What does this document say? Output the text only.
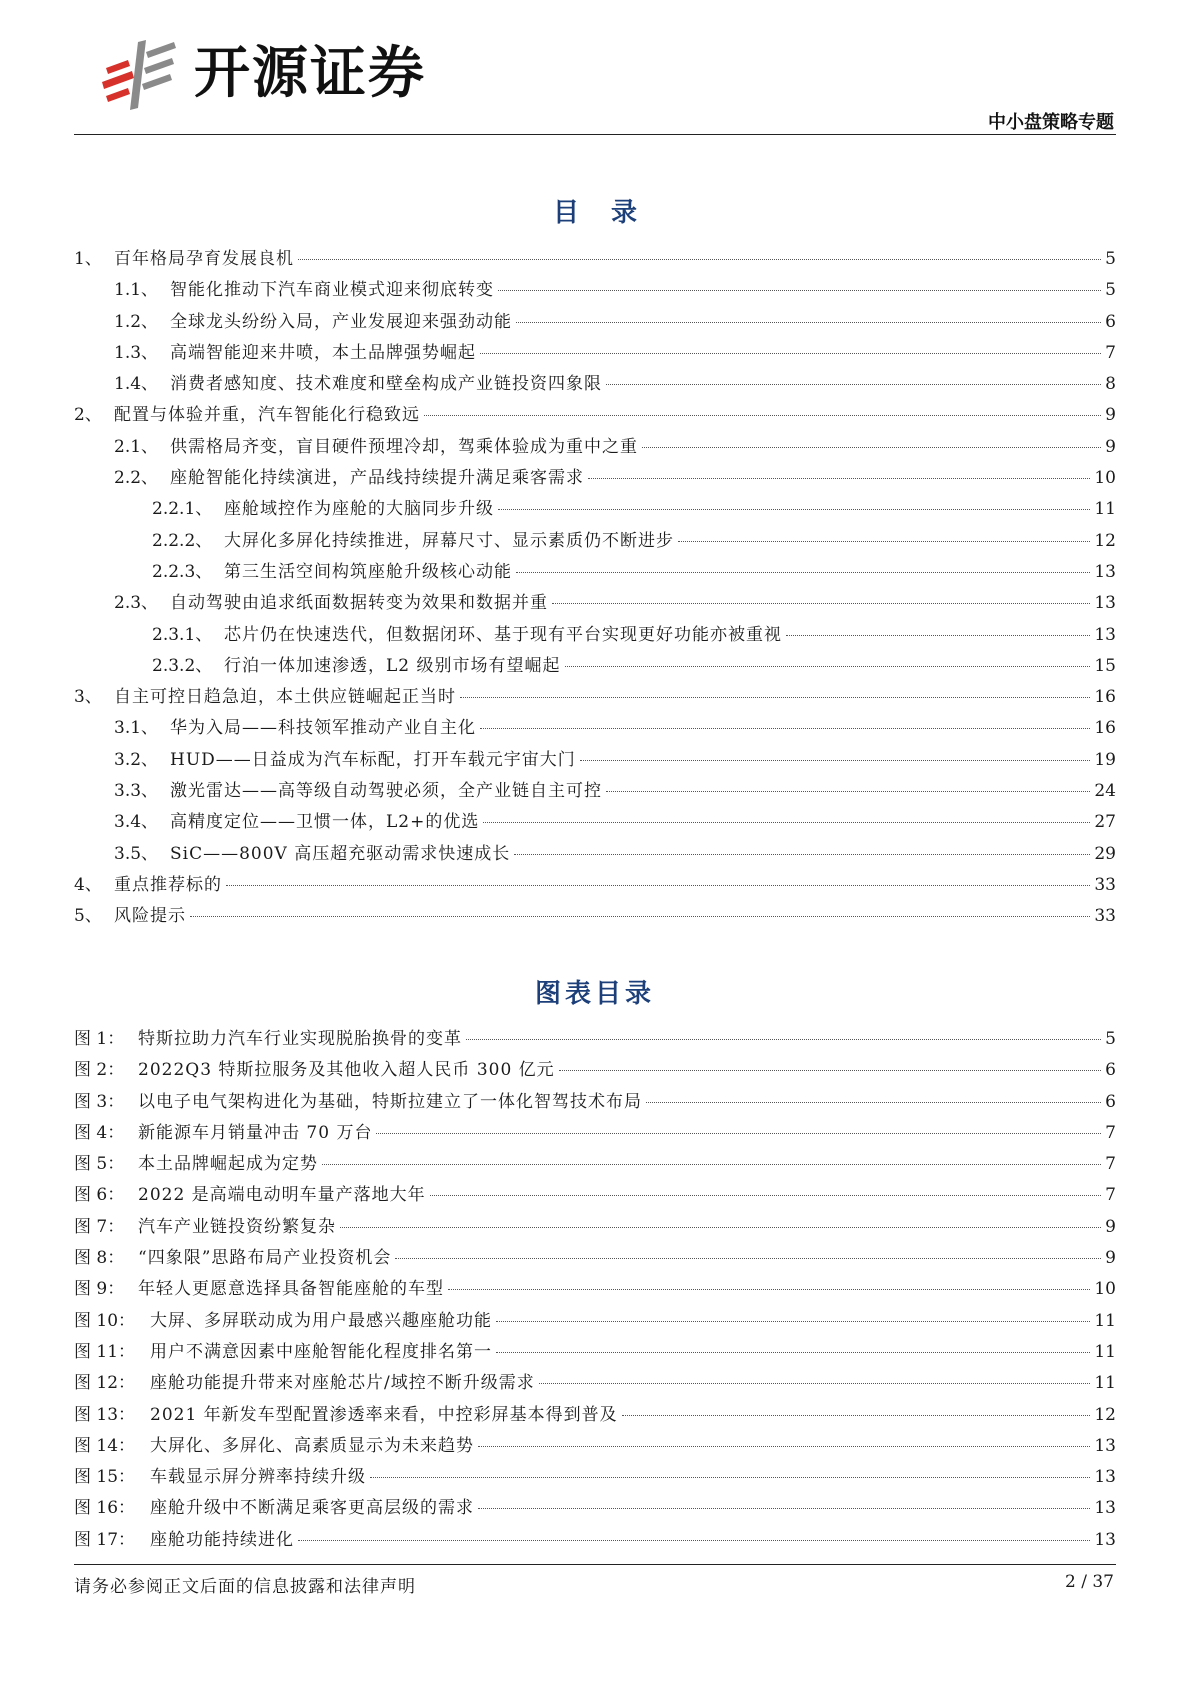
开源证券
中小盘策略专题
目录
1、 百年格局孕育发展良机	5
1.1、 智能化推动下汽车商业模式迎来彻底转变	5
1.2、 全球龙头纷纷入局，产业发展迎来强劲动能	6
1.3、 高端智能迎来井喷，本土品牌强势崛起	7
1.4、 消费者感知度、技术难度和壁垒构成产业链投资四象限	8
2、 配置与体验并重，汽车智能化行稳致远	9
2.1、 供需格局齐变，盲目硬件预埋冷却，驾乘体验成为重中之重	9
2.2、 座舱智能化持续演进，产品线持续提升满足乘客需求	10
2.2.1、 座舱域控作为座舱的大脑同步升级	11
2.2.2、 大屏化多屏化持续推进，屏幕尺寸、显示素质仍不断进步	12
2.2.3、 第三生活空间构筑座舱升级核心动能	13
2.3、 自动驾驶由追求纸面数据转变为效果和数据并重	13
2.3.1、 芯片仍在快速迭代，但数据闭环、基于现有平台实现更好功能亦被重视	13
2.3.2、 行泊一体加速渗透，L2 级别市场有望崛起	15
3、 自主可控日趋急迫，本土供应链崛起正当时	16
3.1、 华为入局——科技领军推动产业自主化	16
3.2、 HUD——日益成为汽车标配，打开车载元宇宙大门	19
3.3、 激光雷达——高等级自动驾驶必须，全产业链自主可控	24
3.4、 高精度定位——卫惯一体，L2+的优选	27
3.5、 SiC——800V 高压超充驱动需求快速成长	29
4、 重点推荐标的	33
5、 风险提示	33
图表目录
图 1： 特斯拉助力汽车行业实现脱胎换骨的变革	5
图 2： 2022Q3 特斯拉服务及其他收入超人民币 300 亿元	6
图 3： 以电子电气架构进化为基础，特斯拉建立了一体化智驾技术布局	6
图 4： 新能源车月销量冲击 70 万台	7
图 5： 本土品牌崛起成为定势	7
图 6： 2022 是高端电动明车量产落地大年	7
图 7： 汽车产业链投资纷繁复杂	9
图 8： “四象限”思路布局产业投资机会	9
图 9： 年轻人更愿意选择具备智能座舱的车型	10
图 10： 大屏、多屏联动成为用户最感兴趣座舱功能	11
图 11： 用户不满意因素中座舱智能化程度排名第一	11
图 12： 座舱功能提升带来对座舱芯片/域控不断升级需求	11
图 13： 2021 年新发车型配置渗透率来看，中控彩屏基本得到普及	12
图 14： 大屏化、多屏化、高素质显示为未来趋势	13
图 15： 车载显示屏分辨率持续升级	13
图 16： 座舱升级中不断满足乘客更高层级的需求	13
图 17： 座舱功能持续进化	13
请务必参阅正文后面的信息披露和法律声明	2 / 37
